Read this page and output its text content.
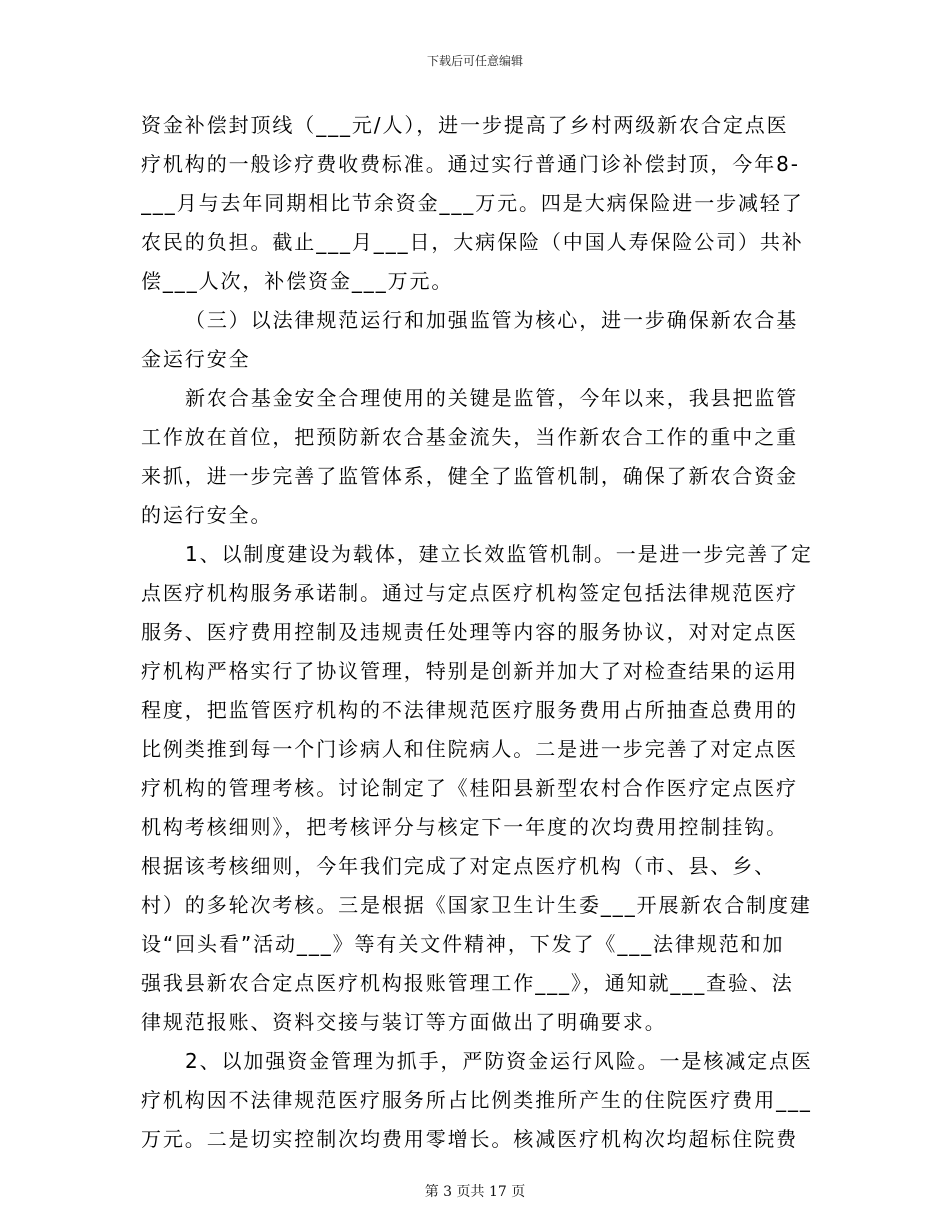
下载后可任意编辑
资金补偿封顶线（___元/人），进一步提高了乡村两级新农合定点医
疗机构的一般诊疗费收费标准。通过实行普通门诊补偿封顶，今年8-
___月与去年同期相比节余资金___万元。四是大病保险进一步减轻了
农民的负担。截止___月___日，大病保险（中国人寿保险公司）共补
偿___人次，补偿资金___万元。
（三）以法律规范运行和加强监管为核心，进一步确保新农合基
金运行安全
新农合基金安全合理使用的关键是监管，今年以来，我县把监管
工作放在首位，把预防新农合基金流失，当作新农合工作的重中之重
来抓，进一步完善了监管体系，健全了监管机制，确保了新农合资金
的运行安全。
1、以制度建设为载体，建立长效监管机制。一是进一步完善了定
点医疗机构服务承诺制。通过与定点医疗机构签定包括法律规范医疗
服务、医疗费用控制及违规责任处理等内容的服务协议，对对定点医
疗机构严格实行了协议管理，特别是创新并加大了对检查结果的运用
程度，把监管医疗机构的不法律规范医疗服务费用占所抽查总费用的
比例类推到每一个门诊病人和住院病人。二是进一步完善了对定点医
疗机构的管理考核。讨论制定了《桂阳县新型农村合作医疗定点医疗
机构考核细则》，把考核评分与核定下一年度的次均费用控制挂钩。
根据该考核细则，今年我们完成了对定点医疗机构（市、县、乡、
村）的多轮次考核。三是根据《国家卫生计生委___开展新农合制度建
设“回头看”活动___》等有关文件精神，下发了《___法律规范和加
强我县新农合定点医疗机构报账管理工作___》，通知就___查验、法
律规范报账、资料交接与装订等方面做出了明确要求。
2、以加强资金管理为抓手，严防资金运行风险。一是核减定点医
疗机构因不法律规范医疗服务所占比例类推所产生的住院医疗费用___
万元。二是切实控制次均费用零增长。核减医疗机构次均超标住院费
第 3 页共 17 页
